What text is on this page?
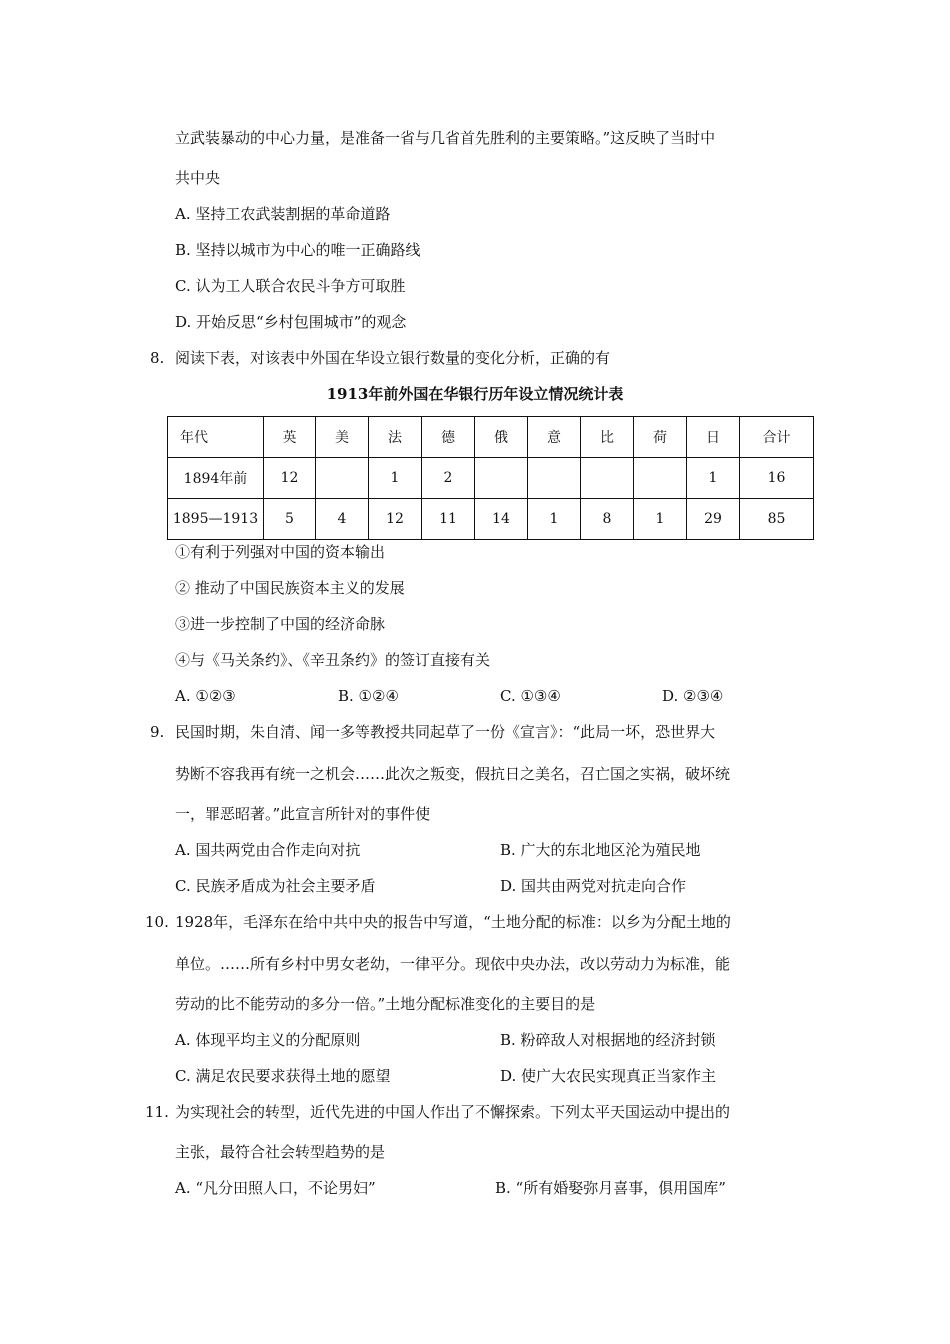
立武装暴动的中心力量，是准备一省与几省首先胜利的主要策略。”这反映了当时中
共中央
A. 坚持工农武装割据的革命道路
B. 坚持以城市为中心的唯一正确路线
C. 认为工人联合农民斗争方可取胜
D. 开始反思“乡村包围城市”的观念
8. 阅读下表，对该表中外国在华设立银行数量的变化分析，正确的有
1913年前外国在华银行历年设立情况统计表
年代	英	美	法	德	俄	意	比	荷	日	合计
1894年前	12		1	2					1	16
1895—1913	5	4	12	11	14	1	8	1	29	85
①有利于列强对中国的资本输出
② 推动了中国民族资本主义的发展
③进一步控制了中国的经济命脉
④与《马关条约》、《辛丑条约》的签订直接有关
A. ①②③	B. ①②④	C. ①③④	D. ②③④
9. 民国时期，朱自清、闻一多等教授共同起草了一份《宣言》：“此局一坏，恐世界大
势断不容我再有统一之机会……此次之叛变，假抗日之美名，召亡国之实祸，破坏统
一，罪恶昭著。”此宣言所针对的事件使
A. 国共两党由合作走向对抗	B. 广大的东北地区沦为殖民地
C. 民族矛盾成为社会主要矛盾	D. 国共由两党对抗走向合作
10. 1928年，毛泽东在给中共中央的报告中写道，“土地分配的标准：以乡为分配土地的
单位。……所有乡村中男女老幼，一律平分。现依中央办法，改以劳动力为标准，能
劳动的比不能劳动的多分一倍。”土地分配标准变化的主要目的是
A. 体现平均主义的分配原则	B. 粉碎敌人对根据地的经济封锁
C. 满足农民要求获得土地的愿望	D. 使广大农民实现真正当家作主
11. 为实现社会的转型，近代先进的中国人作出了不懈探索。下列太平天国运动中提出的
主张，最符合社会转型趋势的是
A. “凡分田照人口，不论男妇”	B. “所有婚娶弥月喜事，俱用国库”
